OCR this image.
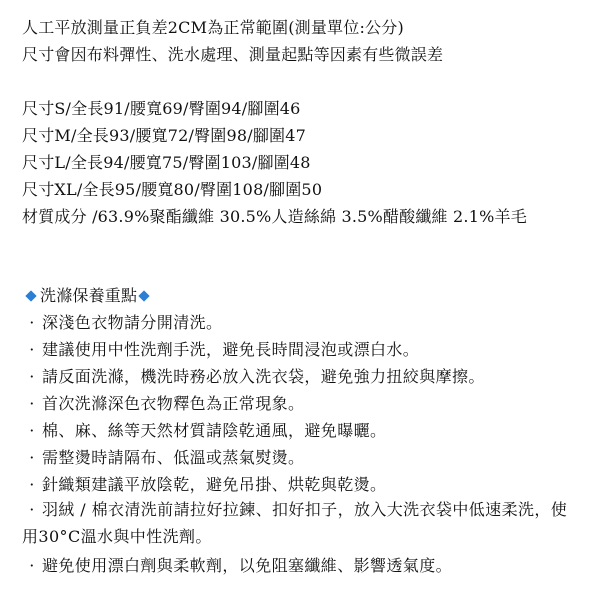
人工平放測量正負差2CM為正常範圍(測量單位:公分)
尺寸會因布料彈性、洗水處理、測量起點等因素有些微誤差
尺寸S/全長91/腰寬69/臀圍94/腳圍46
尺寸M/全長93/腰寬72/臀圍98/腳圍47
尺寸L/全長94/腰寬75/臀圍103/腳圍48
尺寸XL/全長95/腰寬80/臀圍108/腳圍50
材質成分 /63.9%聚酯纖維 30.5%人造絲綿 3.5%醋酸纖維 2.1%羊毛
洗滌保養重點
· 深淺色衣物請分開清洗。
· 建議使用中性洗劑手洗，避免長時間浸泡或漂白水。
· 請反面洗滌，機洗時務必放入洗衣袋，避免強力扭絞與摩擦。
· 首次洗滌深色衣物釋色為正常現象。
· 棉、麻、絲等天然材質請陰乾通風，避免曝曬。
· 需整燙時請隔布、低溫或蒸氣熨燙。
· 針織類建議平放陰乾，避免吊掛、烘乾與乾燙。
· 羽絨 / 棉衣清洗前請拉好拉鍊、扣好扣子，放入大洗衣袋中低速柔洗，使用30°C溫水與中性洗劑。
· 避免使用漂白劑與柔軟劑，以免阻塞纖維、影響透氣度。
